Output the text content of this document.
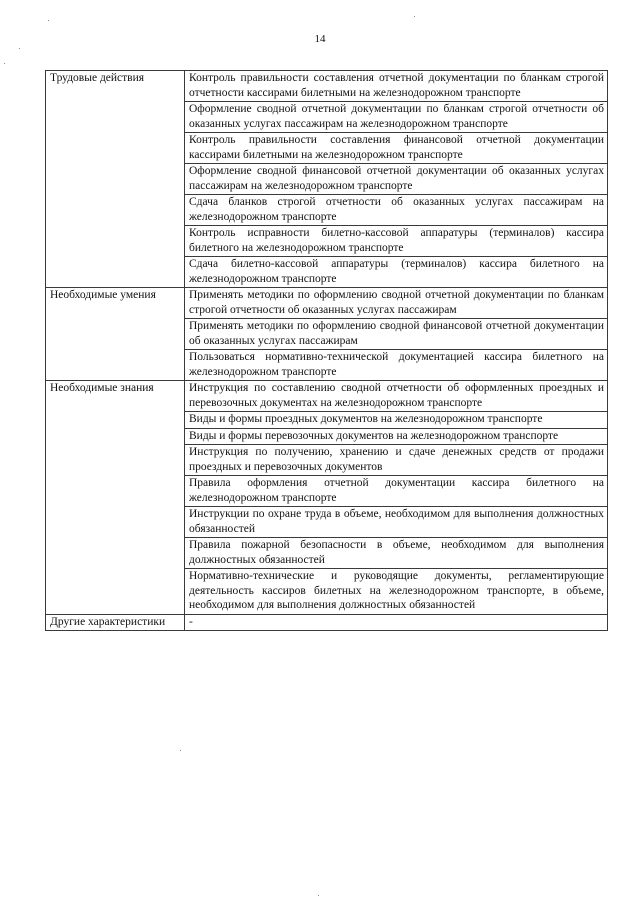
14
Трудовые действия	Контроль правильности составления отчетной документации по бланкам строгой отчетности кассирами билетными на железнодорожном транспорте
	Оформление сводной отчетной документации по бланкам строгой отчетности об оказанных услугах пассажирам на железнодорожном транспорте
	Контроль правильности составления финансовой отчетной документации кассирами билетными на железнодорожном транспорте
	Оформление сводной финансовой отчетной документации об оказанных услугах пассажирам на железнодорожном транспорте
	Сдача бланков строгой отчетности об оказанных услугах пассажирам на железнодорожном транспорте
	Контроль исправности билетно-кассовой аппаратуры (терминалов) кассира билетного на железнодорожном транспорте
	Сдача билетно-кассовой аппаратуры (терминалов) кассира билетного на железнодорожном транспорте
Необходимые умения	Применять методики по оформлению сводной отчетной документации по бланкам строгой отчетности об оказанных услугах пассажирам
	Применять методики по оформлению сводной финансовой отчетной документации об оказанных услугах пассажирам
	Пользоваться нормативно-технической документацией кассира билетного на железнодорожном транспорте
Необходимые знания	Инструкция по составлению сводной отчетности об оформленных проездных и перевозочных документах на железнодорожном транспорте
	Виды и формы проездных документов на железнодорожном транспорте
	Виды и формы перевозочных документов на железнодорожном транспорте
	Инструкция по получению, хранению и сдаче денежных средств от продажи проездных и перевозочных документов
	Правила оформления отчетной документации кассира билетного на железнодорожном транспорте
	Инструкции по охране труда в объеме, необходимом для выполнения должностных обязанностей
	Правила пожарной безопасности в объеме, необходимом для выполнения должностных обязанностей
	Нормативно-технические и руководящие документы, регламентирующие деятельность кассиров билетных на железнодорожном транспорте, в объеме, необходимом для выполнения должностных обязанностей
Другие характеристики	-
